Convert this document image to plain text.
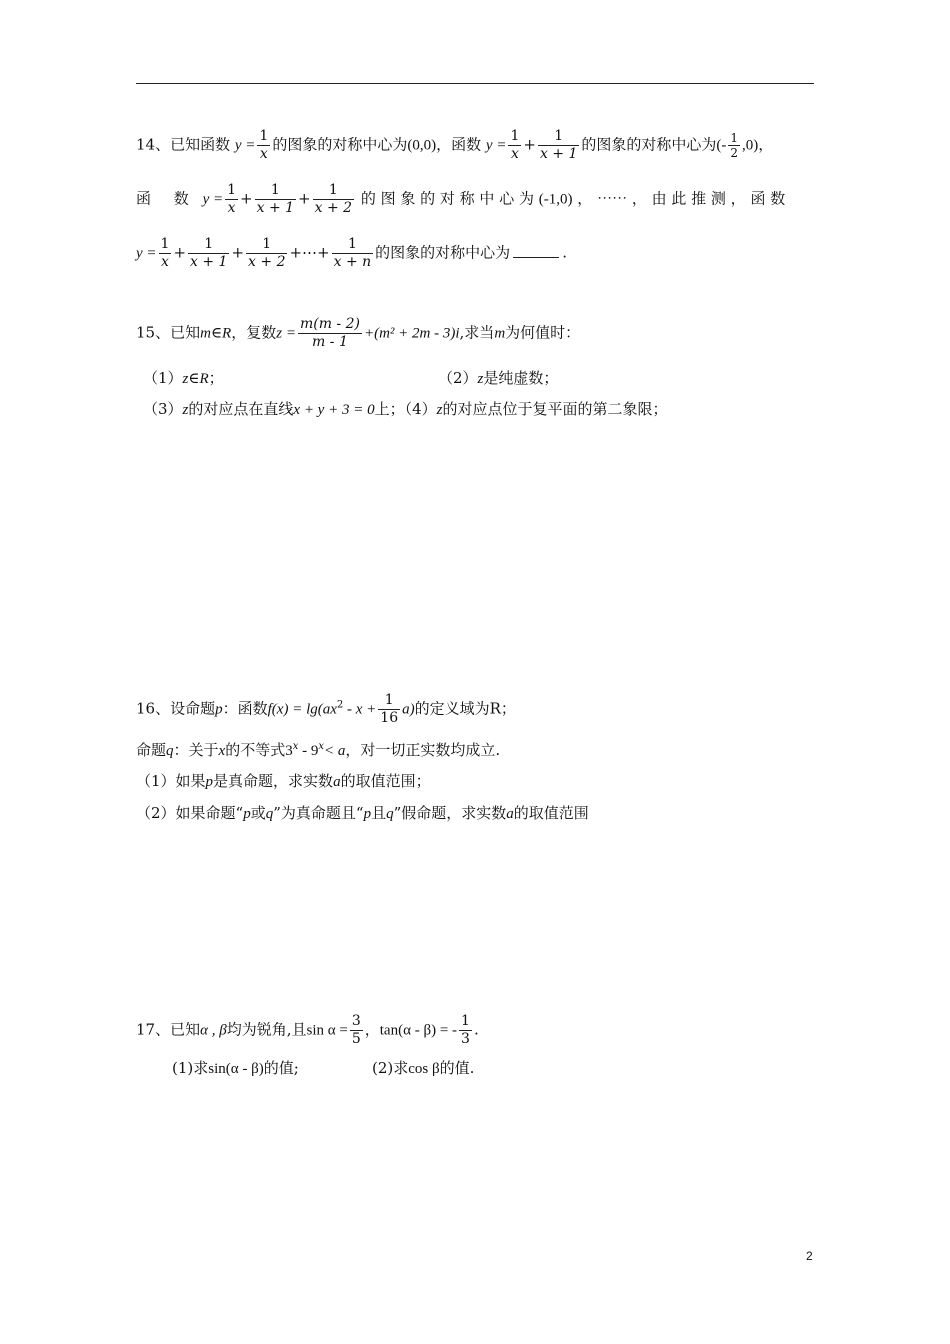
14、已知函数 $y = \frac{1}{x}$ 的图象的对称中心为(0,0)，函数 $y = \frac{1}{x} + \frac{1}{x + 1}$ 的图象的对称中心为(- $\frac{1}{2} ,0$)，
函 数 $y = \frac{1}{x} + \frac{1}{x + 1} + \frac{1}{x + 2}$ 的 图 象 的 对 称 中 心 为 (-1,0) ， ⋯⋯ ， 由 此 推 测 ， 函 数
$y = \frac{1}{x} + \frac{1}{x + 1} + \frac{1}{x + 2}$ +⋯+ $\frac{1}{x + n}$ 的图象的对称中心为	.
15、已知m∈R，复数$z = \frac{m(m - 2)}{m - 1} +(m^2 + 2m - 3)i$,求当m为何值时：
（1）z∈R；	（2）z是纯虚数；
（3）z的对应点在直线x + y + 3 = 0上；（4）z的对应点位于复平面的第二象限；
16、设命题p：函数$f(x) = \lg(ax^2 - x + \frac{1}{16} a)$的定义域为R；
命题q：关于x的不等式$3^x - 9^x< a$，对一切正实数均成立.
（1）如果p是真命题，求实数a的取值范围；
（2）如果命题“p或q”为真命题且“p且q”假命题，求实数a的取值范围
17、已知α , β均为锐角,且$\sin \alpha = \frac{3}{5}$ ，tan(α - β) = - $\frac{1}{3}$ .
(1)求sin(α - β)的值;	(2)求cos β的值.
2
